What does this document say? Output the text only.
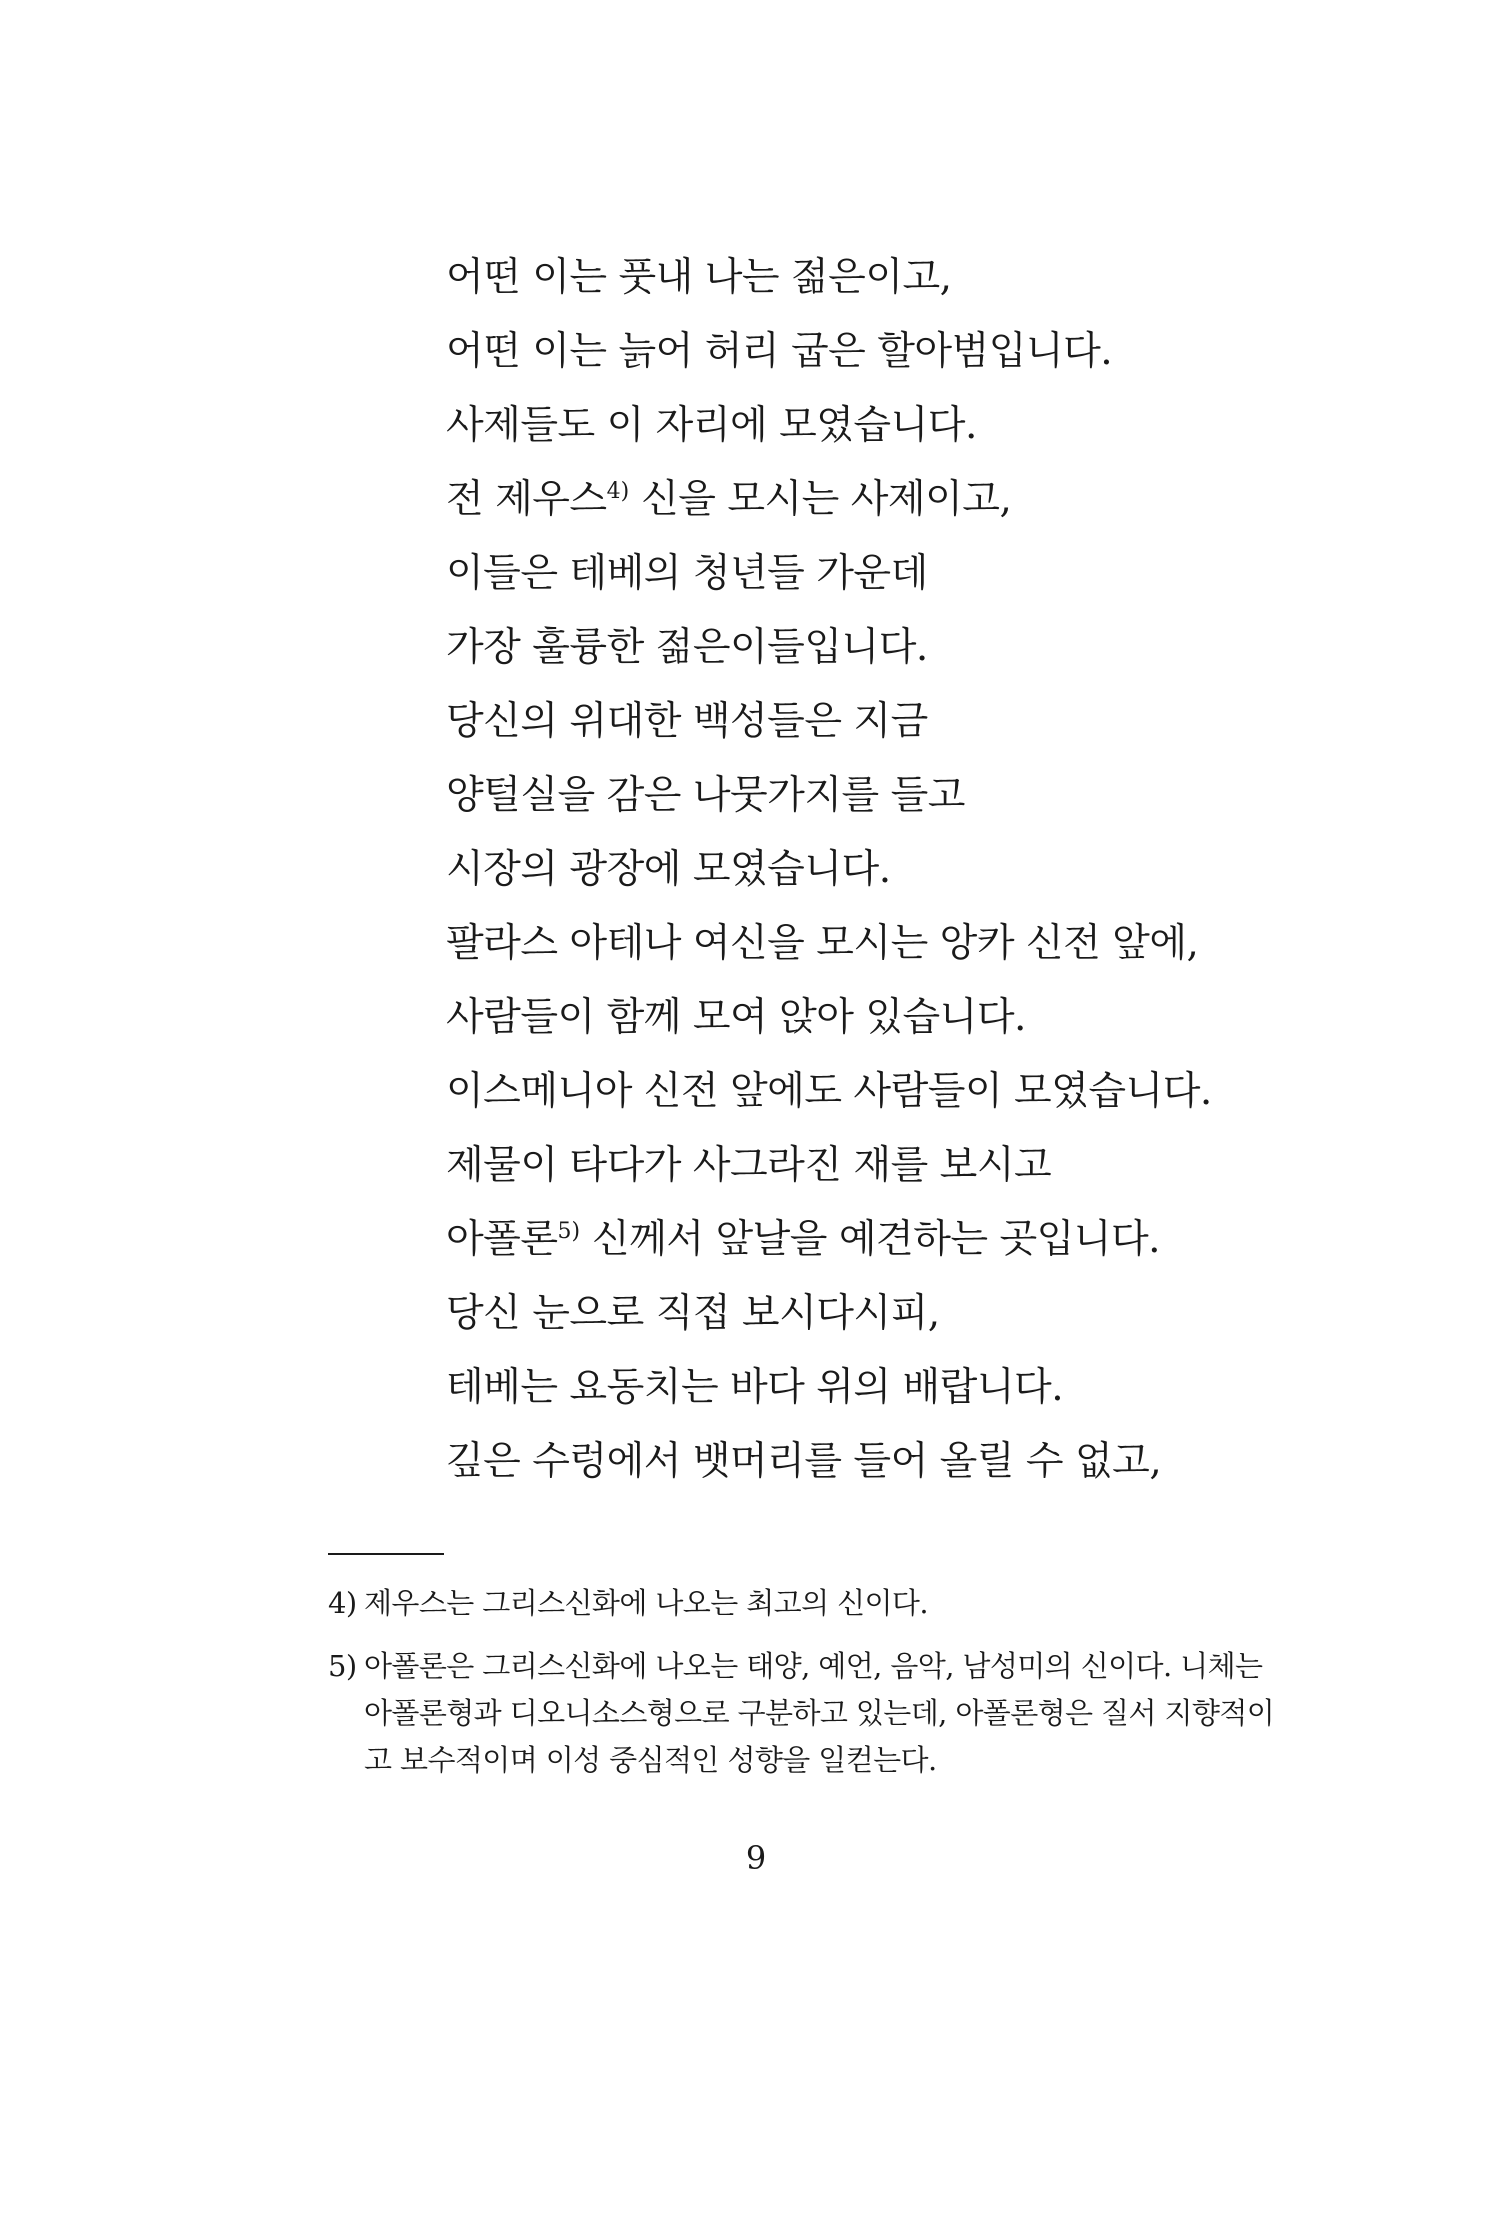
어떤 이는 풋내 나는 젊은이고,
어떤 이는 늙어 허리 굽은 할아범입니다.
사제들도 이 자리에 모였습니다.
전 제우스$^{4)}$ 신을 모시는 사제이고,
이들은 테베의 청년들 가운데
가장 훌륭한 젊은이들입니다.
당신의 위대한 백성들은 지금
양털실을 감은 나뭇가지를 들고
시장의 광장에 모였습니다.
팔라스 아테나 여신을 모시는 앙카 신전 앞에,
사람들이 함께 모여 앉아 있습니다.
이스메니아 신전 앞에도 사람들이 모였습니다.
제물이 타다가 사그라진 재를 보시고
아폴론$^{5)}$ 신께서 앞날을 예견하는 곳입니다.
당신 눈으로 직접 보시다시피,
테베는 요동치는 바다 위의 배랍니다.
깊은 수렁에서 뱃머리를 들어 올릴 수 없고,
4) 제우스는 그리스신화에 나오는 최고의 신이다.
5) 아폴론은 그리스신화에 나오는 태양, 예언, 음악, 남성미의 신이다. 니체는 아폴론형과 디오니소스형으로 구분하고 있는데, 아폴론형은 질서 지향적이고 보수적이며 이성 중심적인 성향을 일컫는다.
9
